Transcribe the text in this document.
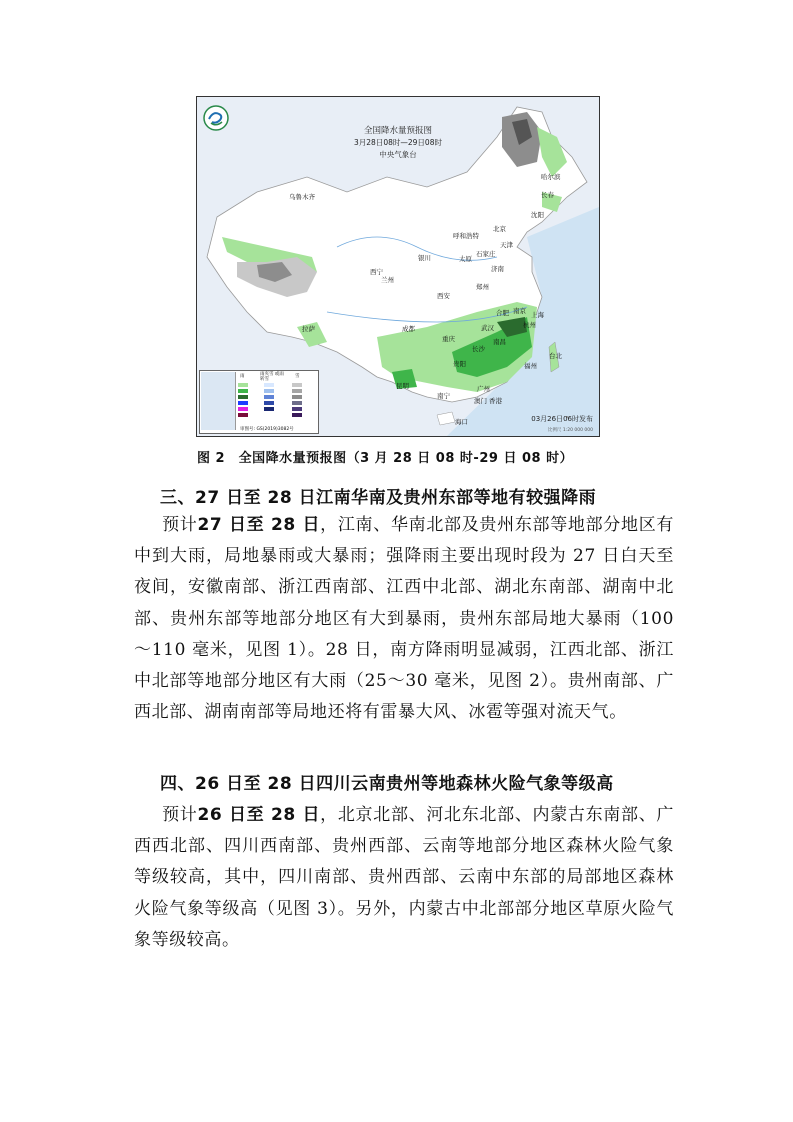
全国降水量预报图
3月28日08时—29日08时
中央气象台
乌鲁木齐
哈尔滨
长春
沈阳
北京
天津
呼和浩特
太原
石家庄
济南
银川
西宁
兰州
郑州
西安
南京
合肥	上海
杭州
武汉
成都
重庆
长沙
南昌
福州
台北
贵阳
昆明
南宁
广州
香港
澳门
海口
拉萨
雨	雨夹雪 或雨转雪
雪
审图号: GS(2019)3082号
03月26日06时发布
比例尺 1:20 000 000
图 2　全国降水量预报图（3 月 28 日 08 时-29 日 08 时）
三、27 日至 28 日江南华南及贵州东部等地有较强降雨
预计27 日至 28 日，江南、华南北部及贵州东部等地部分地区有中到大雨，局地暴雨或大暴雨；强降雨主要出现时段为 27 日白天至夜间，安徽南部、浙江西南部、江西中北部、湖北东南部、湖南中北部、贵州东部等地部分地区有大到暴雨，贵州东部局地大暴雨（100～110 毫米，见图 1）。28 日，南方降雨明显减弱，江西北部、浙江中北部等地部分地区有大雨（25～30 毫米，见图 2）。贵州南部、广西北部、湖南南部等局地还将有雷暴大风、冰雹等强对流天气。
四、26 日至 28 日四川云南贵州等地森林火险气象等级高
预计26 日至 28 日，北京北部、河北东北部、内蒙古东南部、广西西北部、四川西南部、贵州西部、云南等地部分地区森林火险气象等级较高，其中，四川南部、贵州西部、云南中东部的局部地区森林火险气象等级高（见图 3）。另外，内蒙古中北部部分地区草原火险气象等级较高。
